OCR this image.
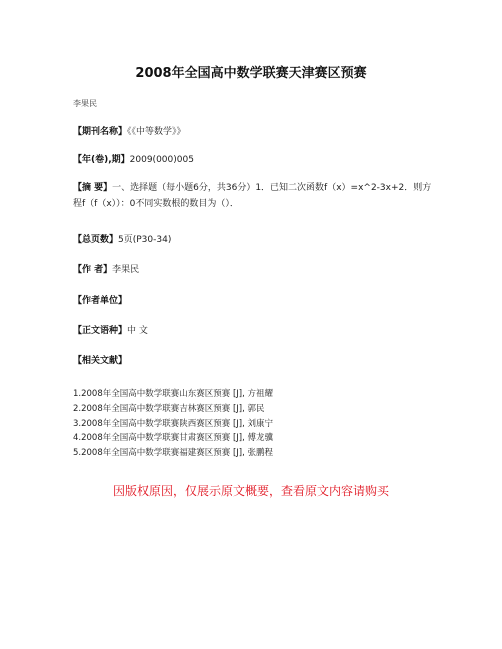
2008年全国高中数学联赛天津赛区预赛
李果民
【期刊名称】《《中等数学》》
【年(卷),期】2009(000)005
【摘 要】一、选择题（每小题6分，共36分）1．已知二次函数f（x）=x^2-3x+2．则方程f（f（x））：0不同实数根的数目为（）．
【总页数】5页(P30-34)
【作 者】李果民
【作者单位】
【正文语种】中 文
【相关文献】
1.2008年全国高中数学联赛山东赛区预赛 [J], 方祖耀
2.2008年全国高中数学联赛吉林赛区预赛 [J], 郭民
3.2008年全国高中数学联赛陕西赛区预赛 [J], 刘康宁
4.2008年全国高中数学联赛甘肃赛区预赛 [J], 傅龙骥
5.2008年全国高中数学联赛福建赛区预赛 [J], 张鹏程
因版权原因，仅展示原文概要，查看原文内容请购买
